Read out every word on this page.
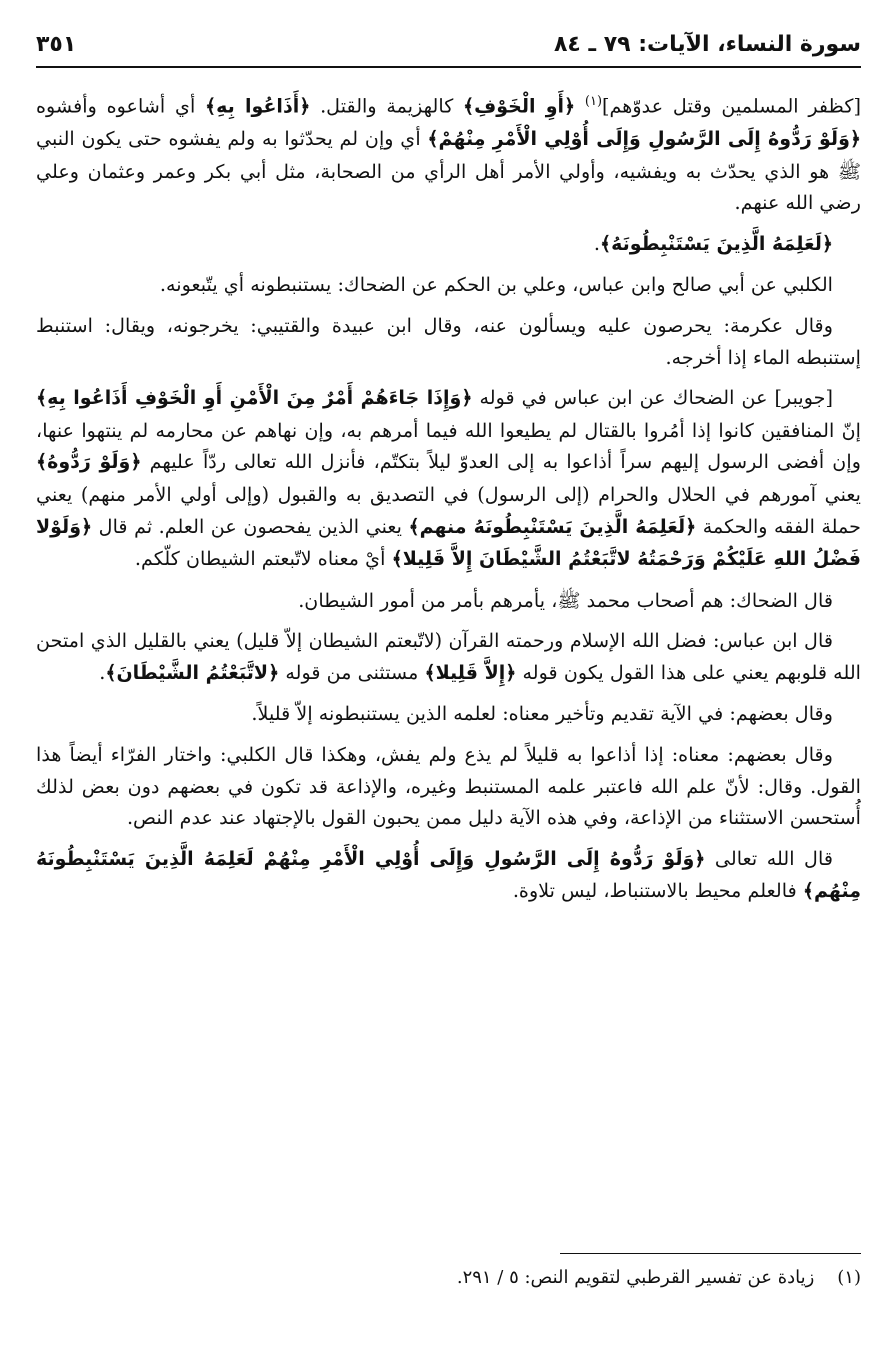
سورة النساء، الآيات: ٧٩ ـ ٨٤
٣٥١

[كظفر المسلمين وقتل عدوّهم]$^{(١)}$ ﴿أَوِ الْخَوْفِ﴾ كالهزيمة والقتل. ﴿أَذَاعُوا بِهِ﴾ أي أشاعوه وأفشوه ﴿وَلَوْ رَدُّوهُ إِلَى الرَّسُولِ وَإِلَى أُوْلِي الْأَمْرِ مِنْهُمْ﴾ أي وإن لم يحدّثوا به ولم يفشوه حتى يكون النبي ﷺ هو الذي يحدّث به ويفشيه، وأولي الأمر أهل الرأي من الصحابة، مثل أبي بكر وعمر وعثمان وعلي رضي الله عنهم.

﴿لَعَلِمَهُ الَّذِينَ يَسْتَنْبِطُونَهُ﴾.

الكلبي عن أبي صالح وابن عباس، وعلي بن الحكم عن الضحاك: يستنبطونه أي يتّبعونه.

وقال عكرمة: يحرصون عليه ويسألون عنه، وقال ابن عبيدة والقتيبي: يخرجونه، ويقال: استنبط إستنبطه الماء إذا أخرجه.

[جويبر] عن الضحاك عن ابن عباس في قوله ﴿وَإِذَا جَاءَهُمْ أَمْرٌ مِنَ الْأَمْنِ أَوِ الْخَوْفِ أَذَاعُوا بِهِ﴾ إنّ المنافقين كانوا إذا أمُروا بالقتال لم يطيعوا الله فيما أمرهم به، وإن نهاهم عن محارمه لم ينتهوا عنها، وإن أفضى الرسول إليهم سراً أذاعوا به إلى العدوّ ليلاً بتكتّم، فأنزل الله تعالى ردّاً عليهم ﴿وَلَوْ رَدُّوهُ﴾ يعني آمورهم في الحلال والحرام (إلى الرسول) في التصديق به والقبول (وإلى أولي الأمر منهم) يعني حملة الفقه والحكمة ﴿لَعَلِمَهُ الَّذِينَ يَسْتَنْبِطُونَهُ منهم﴾ يعني الذين يفحصون عن العلم. ثم قال ﴿وَلَوْلا فَضْلُ اللهِ عَلَيْكُمْ وَرَحْمَتُهُ لاتَّبَعْتُمُ الشَّيْطَانَ إِلاَّ قَلِيلا﴾ أيْ معناه لاتّبعتم الشيطان كلّكم.

قال الضحاك: هم أصحاب محمد ﷺ، يأمرهم بأمر من أمور الشيطان.

قال ابن عباس: فضل الله الإسلام ورحمته القرآن (لاتّبعتم الشيطان إلاّ قليل) يعني بالقليل الذي امتحن الله قلوبهم يعني على هذا القول يكون قوله ﴿إِلاَّ قَلِيلا﴾ مستثنى من قوله ﴿لاتَّبَعْتُمُ الشَّيْطَانَ﴾.

وقال بعضهم: في الآية تقديم وتأخير معناه: لعلمه الذين يستنبطونه إلاّ قليلاً.

وقال بعضهم: معناه: إذا أذاعوا به قليلاً لم يذع ولم يفش، وهكذا قال الكلبي: واختار الفرّاء أيضاً هذا القول. وقال: لأنّ علم الله فاعتبر علمه المستنبط وغيره، والإذاعة قد تكون في بعضهم دون بعض لذلك أُستحسن الاستثناء من الإذاعة، وفي هذه الآية دليل ممن يحبون القول بالإجتهاد عند عدم النص.

قال الله تعالى ﴿وَلَوْ رَدُّوهُ إِلَى الرَّسُولِ وَإِلَى أُوْلِي الْأَمْرِ مِنْهُمْ لَعَلِمَهُ الَّذِينَ يَسْتَنْبِطُونَهُ مِنْهُم﴾ فالعلم محيط بالاستنباط، ليس تلاوة.

(١)    زيادة عن تفسير القرطبي لتقويم النص: ٥ / ٢٩١.
